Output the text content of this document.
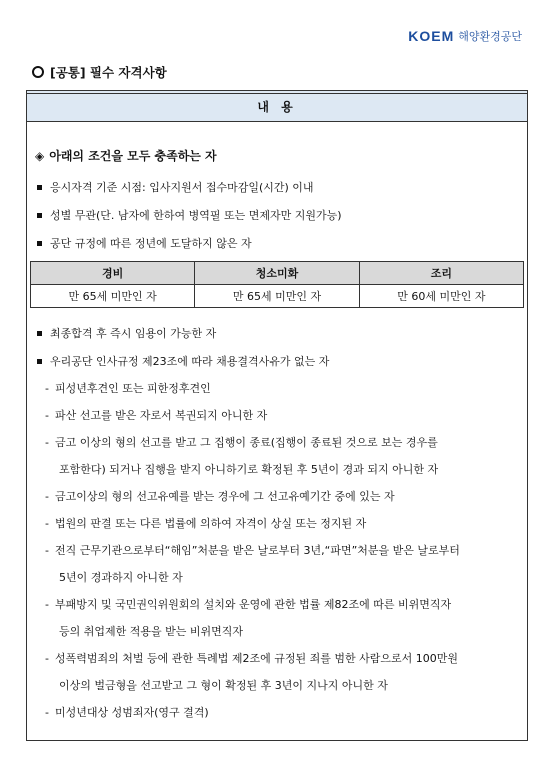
KOEM 해양환경공단
[공통] 필수 자격사항
내 용
◈ 아래의 조건을 모두 충족하는 자
응시자격 기준 시점: 입사지원서 접수마감일(시간) 이내
성별 무관(단. 남자에 한하여 병역필 또는 면제자만 지원가능)
공단 규정에 따른 정년에 도달하지 않은 자
경비	청소미화	조리
만 65세 미만인 자	만 65세 미만인 자	만 60세 미만인 자
최종합격 후 즉시 임용이 가능한 자
우리공단 인사규정 제23조에 따라 채용결격사유가 없는 자
- 피성년후견인 또는 피한정후견인
- 파산 선고를 받은 자로서 복권되지 아니한 자
- 금고 이상의 형의 선고를 받고 그 집행이 종료(집행이 종료된 것으로 보는 경우를
포함한다) 되거나 집행을 받지 아니하기로 확정된 후 5년이 경과 되지 아니한 자
- 금고이상의 형의 선고유예를 받는 경우에 그 선고유예기간 중에 있는 자
- 법원의 판결 또는 다른 법률에 의하여 자격이 상실 또는 정지된 자
- 전직 근무기관으로부터“해임”처분을 받은 날로부터 3년,“파면”처분을 받은 날로부터
5년이 경과하지 아니한 자
- 부패방지 및 국민권익위원회의 설치와 운영에 관한 법률 제82조에 따른 비위면직자
등의 취업제한 적용을 받는 비위면직자
- 성폭력범죄의 처벌 등에 관한 특례법 제2조에 규정된 죄를 범한 사람으로서 100만원
이상의 벌금형을 선고받고 그 형이 확정된 후 3년이 지나지 아니한 자
- 미성년대상 성범죄자(영구 결격)
